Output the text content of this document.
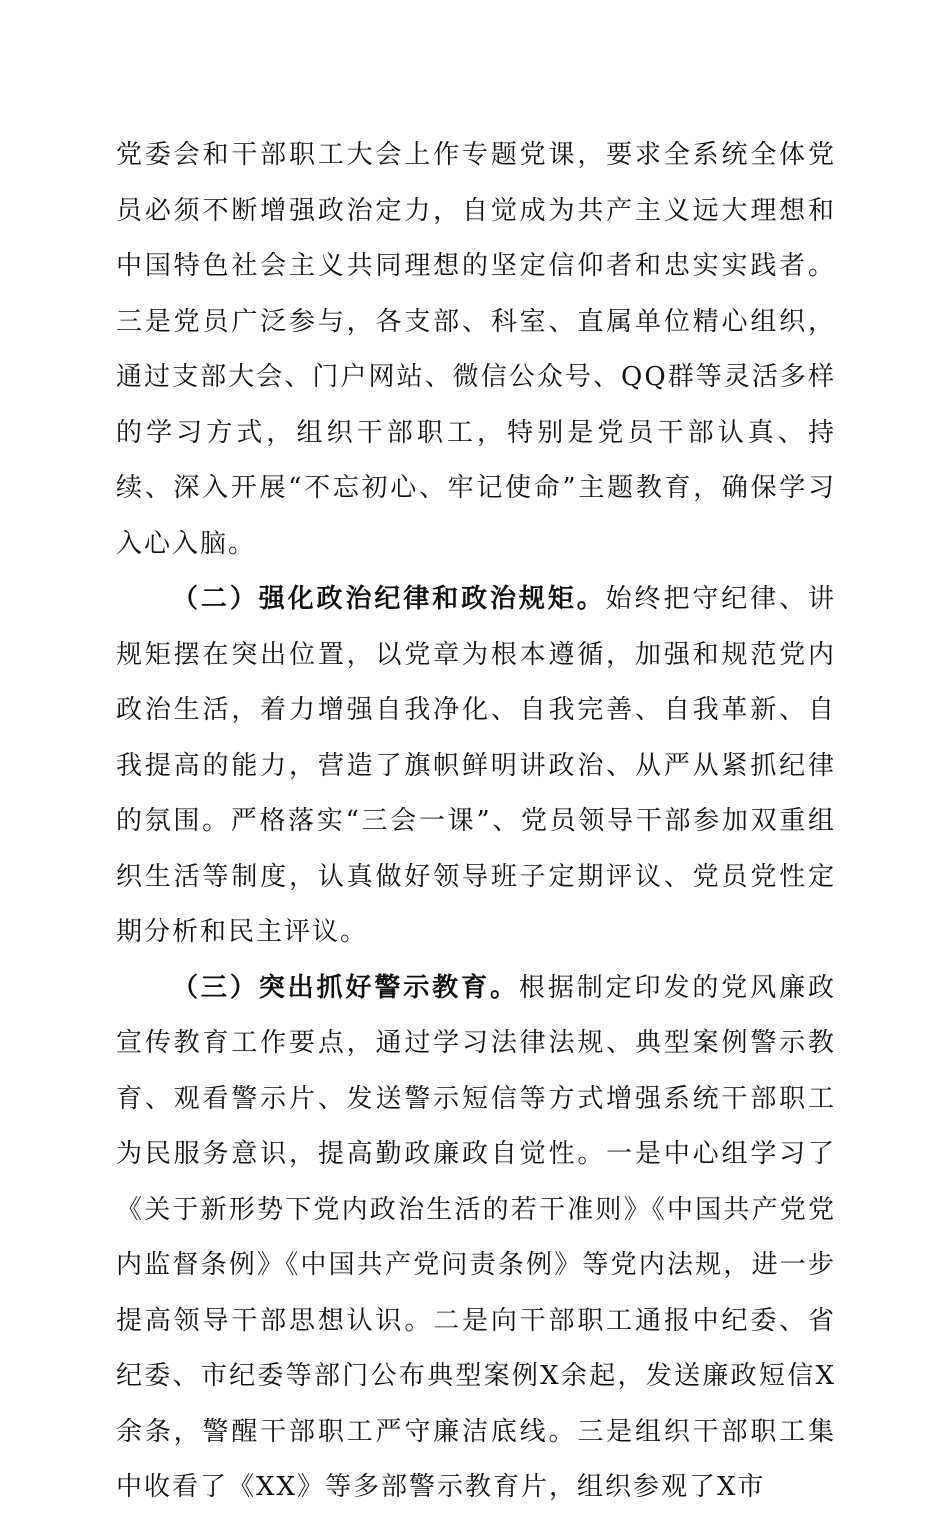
党委会和干部职工大会上作专题党课，要求全系统全体党员必须不断增强政治定力，自觉成为共产主义远大理想和中国特色社会主义共同理想的坚定信仰者和忠实实践者。三是党员广泛参与，各支部、科室、直属单位精心组织，通过支部大会、门户网站、微信公众号、QQ群等灵活多样的学习方式，组织干部职工，特别是党员干部认真、持续、深入开展“不忘初心、牢记使命”主题教育，确保学习入心入脑。

（二）强化政治纪律和政治规矩。始终把守纪律、讲规矩摆在突出位置，以党章为根本遵循，加强和规范党内政治生活，着力增强自我净化、自我完善、自我革新、自我提高的能力，营造了旗帜鲜明讲政治、从严从紧抓纪律的氛围。严格落实“三会一课”、党员领导干部参加双重组织生活等制度，认真做好领导班子定期评议、党员党性定期分析和民主评议。

（三）突出抓好警示教育。根据制定印发的党风廉政宣传教育工作要点，通过学习法律法规、典型案例警示教育、观看警示片、发送警示短信等方式增强系统干部职工为民服务意识，提高勤政廉政自觉性。一是中心组学习了《关于新形势下党内政治生活的若干准则》《中国共产党党内监督条例》《中国共产党问责条例》等党内法规，进一步提高领导干部思想认识。二是向干部职工通报中纪委、省纪委、市纪委等部门公布典型案例X余起，发送廉政短信X余条，警醒干部职工严守廉洁底线。三是组织干部职工集中收看了《XX》等多部警示教育片，组织参观了X市
